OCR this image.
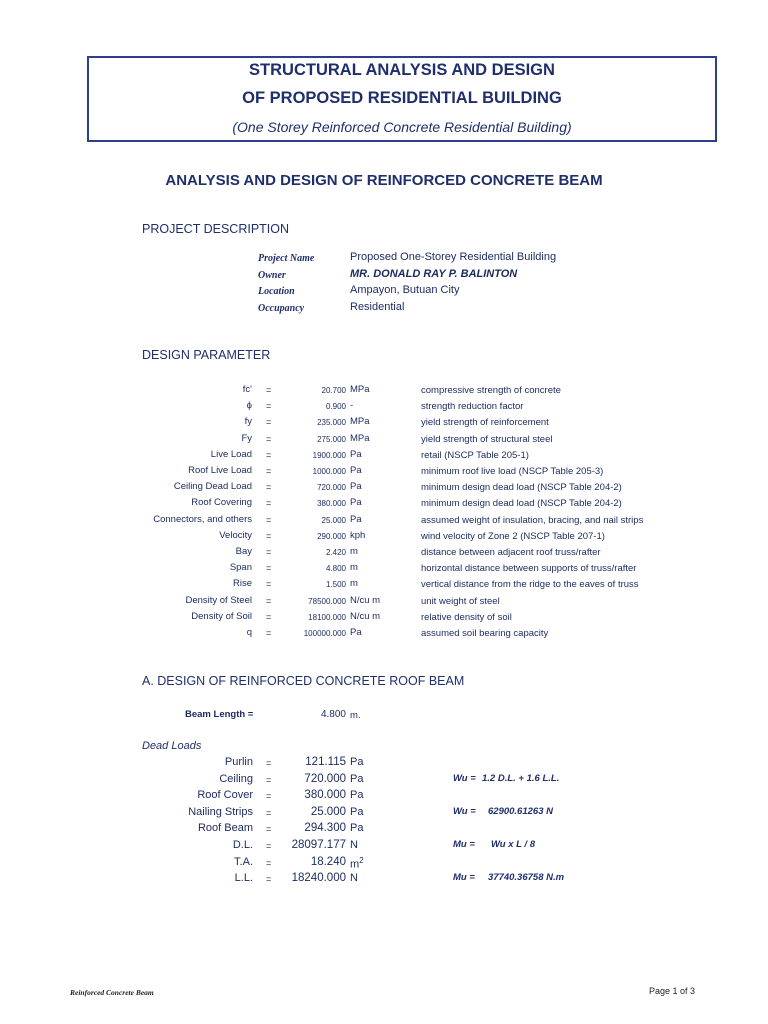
STRUCTURAL ANALYSIS AND DESIGN
OF PROPOSED RESIDENTIAL BUILDING
(One Storey Reinforced Concrete Residential Building)
ANALYSIS AND DESIGN OF REINFORCED CONCRETE BEAM
PROJECT DESCRIPTION
Project Name	Proposed One-Storey Residential Building
Owner	MR. DONALD RAY P. BALINTON
Location	Ampayon, Butuan City
Occupancy	Residential
DESIGN PARAMETER
fc' =	20.700 MPa	compressive strength of concrete
ϕ =	0.900 -	strength reduction factor
fy =	235.000 MPa	yield strength of reinforcement
Fy =	275.000 MPa	yield strength of structural steel
Live Load =	1900.000 Pa	retail (NSCP Table 205-1)
Roof Live Load =	1000.000 Pa	minimum roof live load (NSCP Table 205-3)
Ceiling Dead Load =	720.000 Pa	minimum design dead load (NSCP Table 204-2)
Roof Covering =	380.000 Pa	minimum design dead load (NSCP Table 204-2)
Connectors, and others =	25.000 Pa	assumed weight of insulation, bracing, and nail strips
Velocity =	290.000 kph	wind velocity of Zone 2 (NSCP Table 207-1)
Bay =	2.420 m	distance between adjacent roof truss/rafter
Span =	4.800 m	horizontal distance between supports of truss/rafter
Rise =	1.500 m	vertical distance from the ridge to the eaves of truss
Density of Steel =	78500.000 N/cu m	unit weight of steel
Density of Soil =	18100.000 N/cu m	relative density of soil
q =	100000.000 Pa	assumed soil bearing capacity
A. DESIGN OF REINFORCED CONCRETE ROOF BEAM
Beam Length =	4.800 m.
Dead Loads
Purlin =	121.115 Pa
Ceiling =	720.000 Pa
Roof Cover =	380.000 Pa
Nailing Strips =	25.000 Pa
Roof Beam =	294.300 Pa
D.L. =	28097.177 N
T.A. =	18.240 $m^2$
L.L. =	18240.000 N
Wu = 1.2 D.L. + 1.6 L.L.
Wu = 62900.61263 N
Mu = Wu x L / 8
Mu = 37740.36758 N.m
Reinforced Concrete Beam	Page 1 of 3
